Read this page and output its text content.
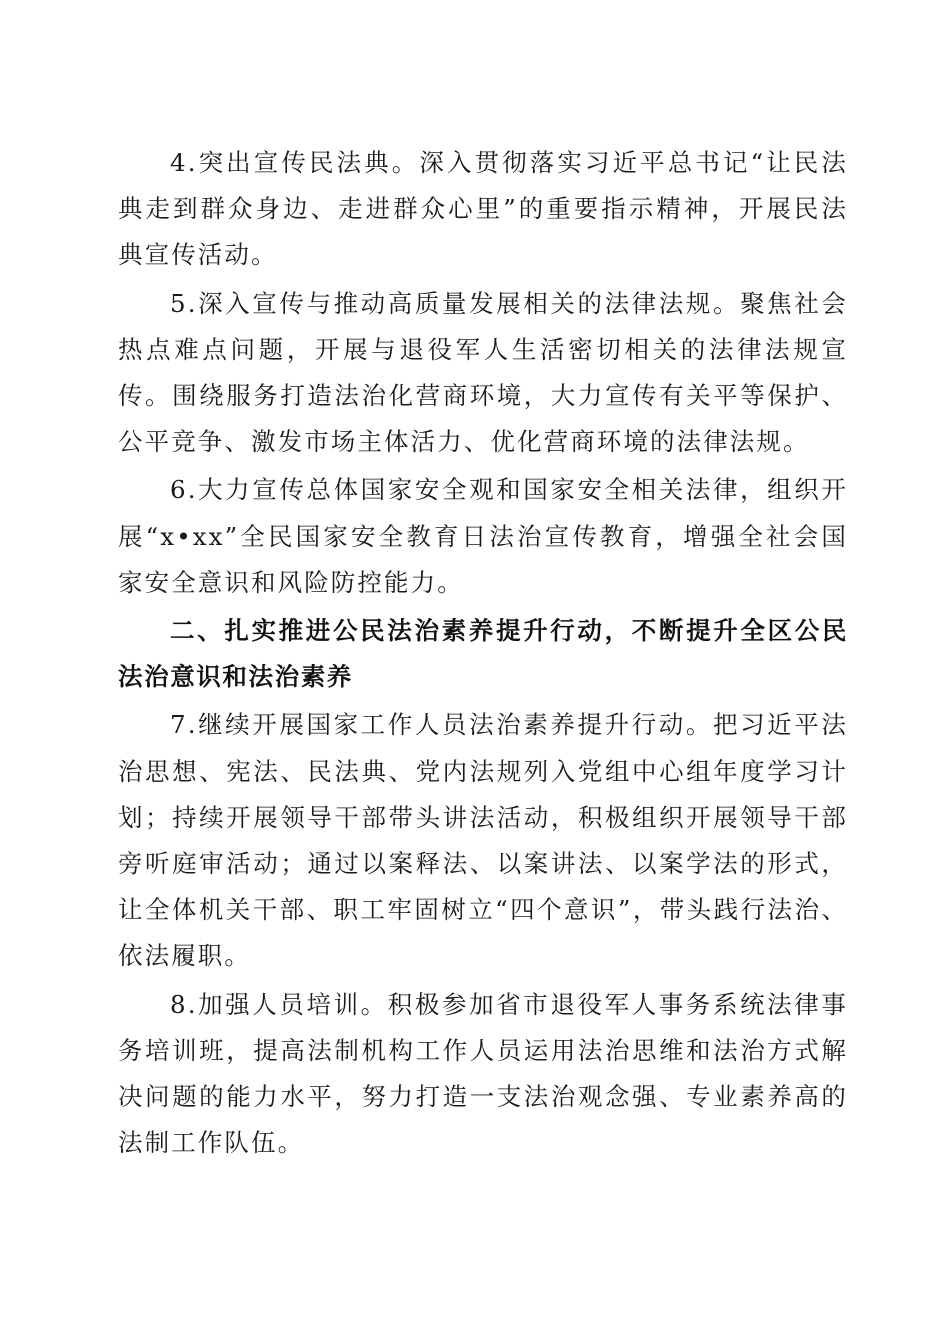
4.突出宣传民法典。深入贯彻落实习近平总书记“让民法典走到群众身边、走进群众心里”的重要指示精神，开展民法典宣传活动。

5.深入宣传与推动高质量发展相关的法律法规。聚焦社会热点难点问题，开展与退役军人生活密切相关的法律法规宣传。围绕服务打造法治化营商环境，大力宣传有关平等保护、公平竞争、激发市场主体活力、优化营商环境的法律法规。

6.大力宣传总体国家安全观和国家安全相关法律，组织开展“x•xx”全民国家安全教育日法治宣传教育，增强全社会国家安全意识和风险防控能力。

二、扎实推进公民法治素养提升行动，不断提升全区公民法治意识和法治素养

7.继续开展国家工作人员法治素养提升行动。把习近平法治思想、宪法、民法典、党内法规列入党组中心组年度学习计划；持续开展领导干部带头讲法活动，积极组织开展领导干部旁听庭审活动；通过以案释法、以案讲法、以案学法的形式，让全体机关干部、职工牢固树立“四个意识”，带头践行法治、依法履职。

8.加强人员培训。积极参加省市退役军人事务系统法律事务培训班，提高法制机构工作人员运用法治思维和法治方式解决问题的能力水平，努力打造一支法治观念强、专业素养高的法制工作队伍。
